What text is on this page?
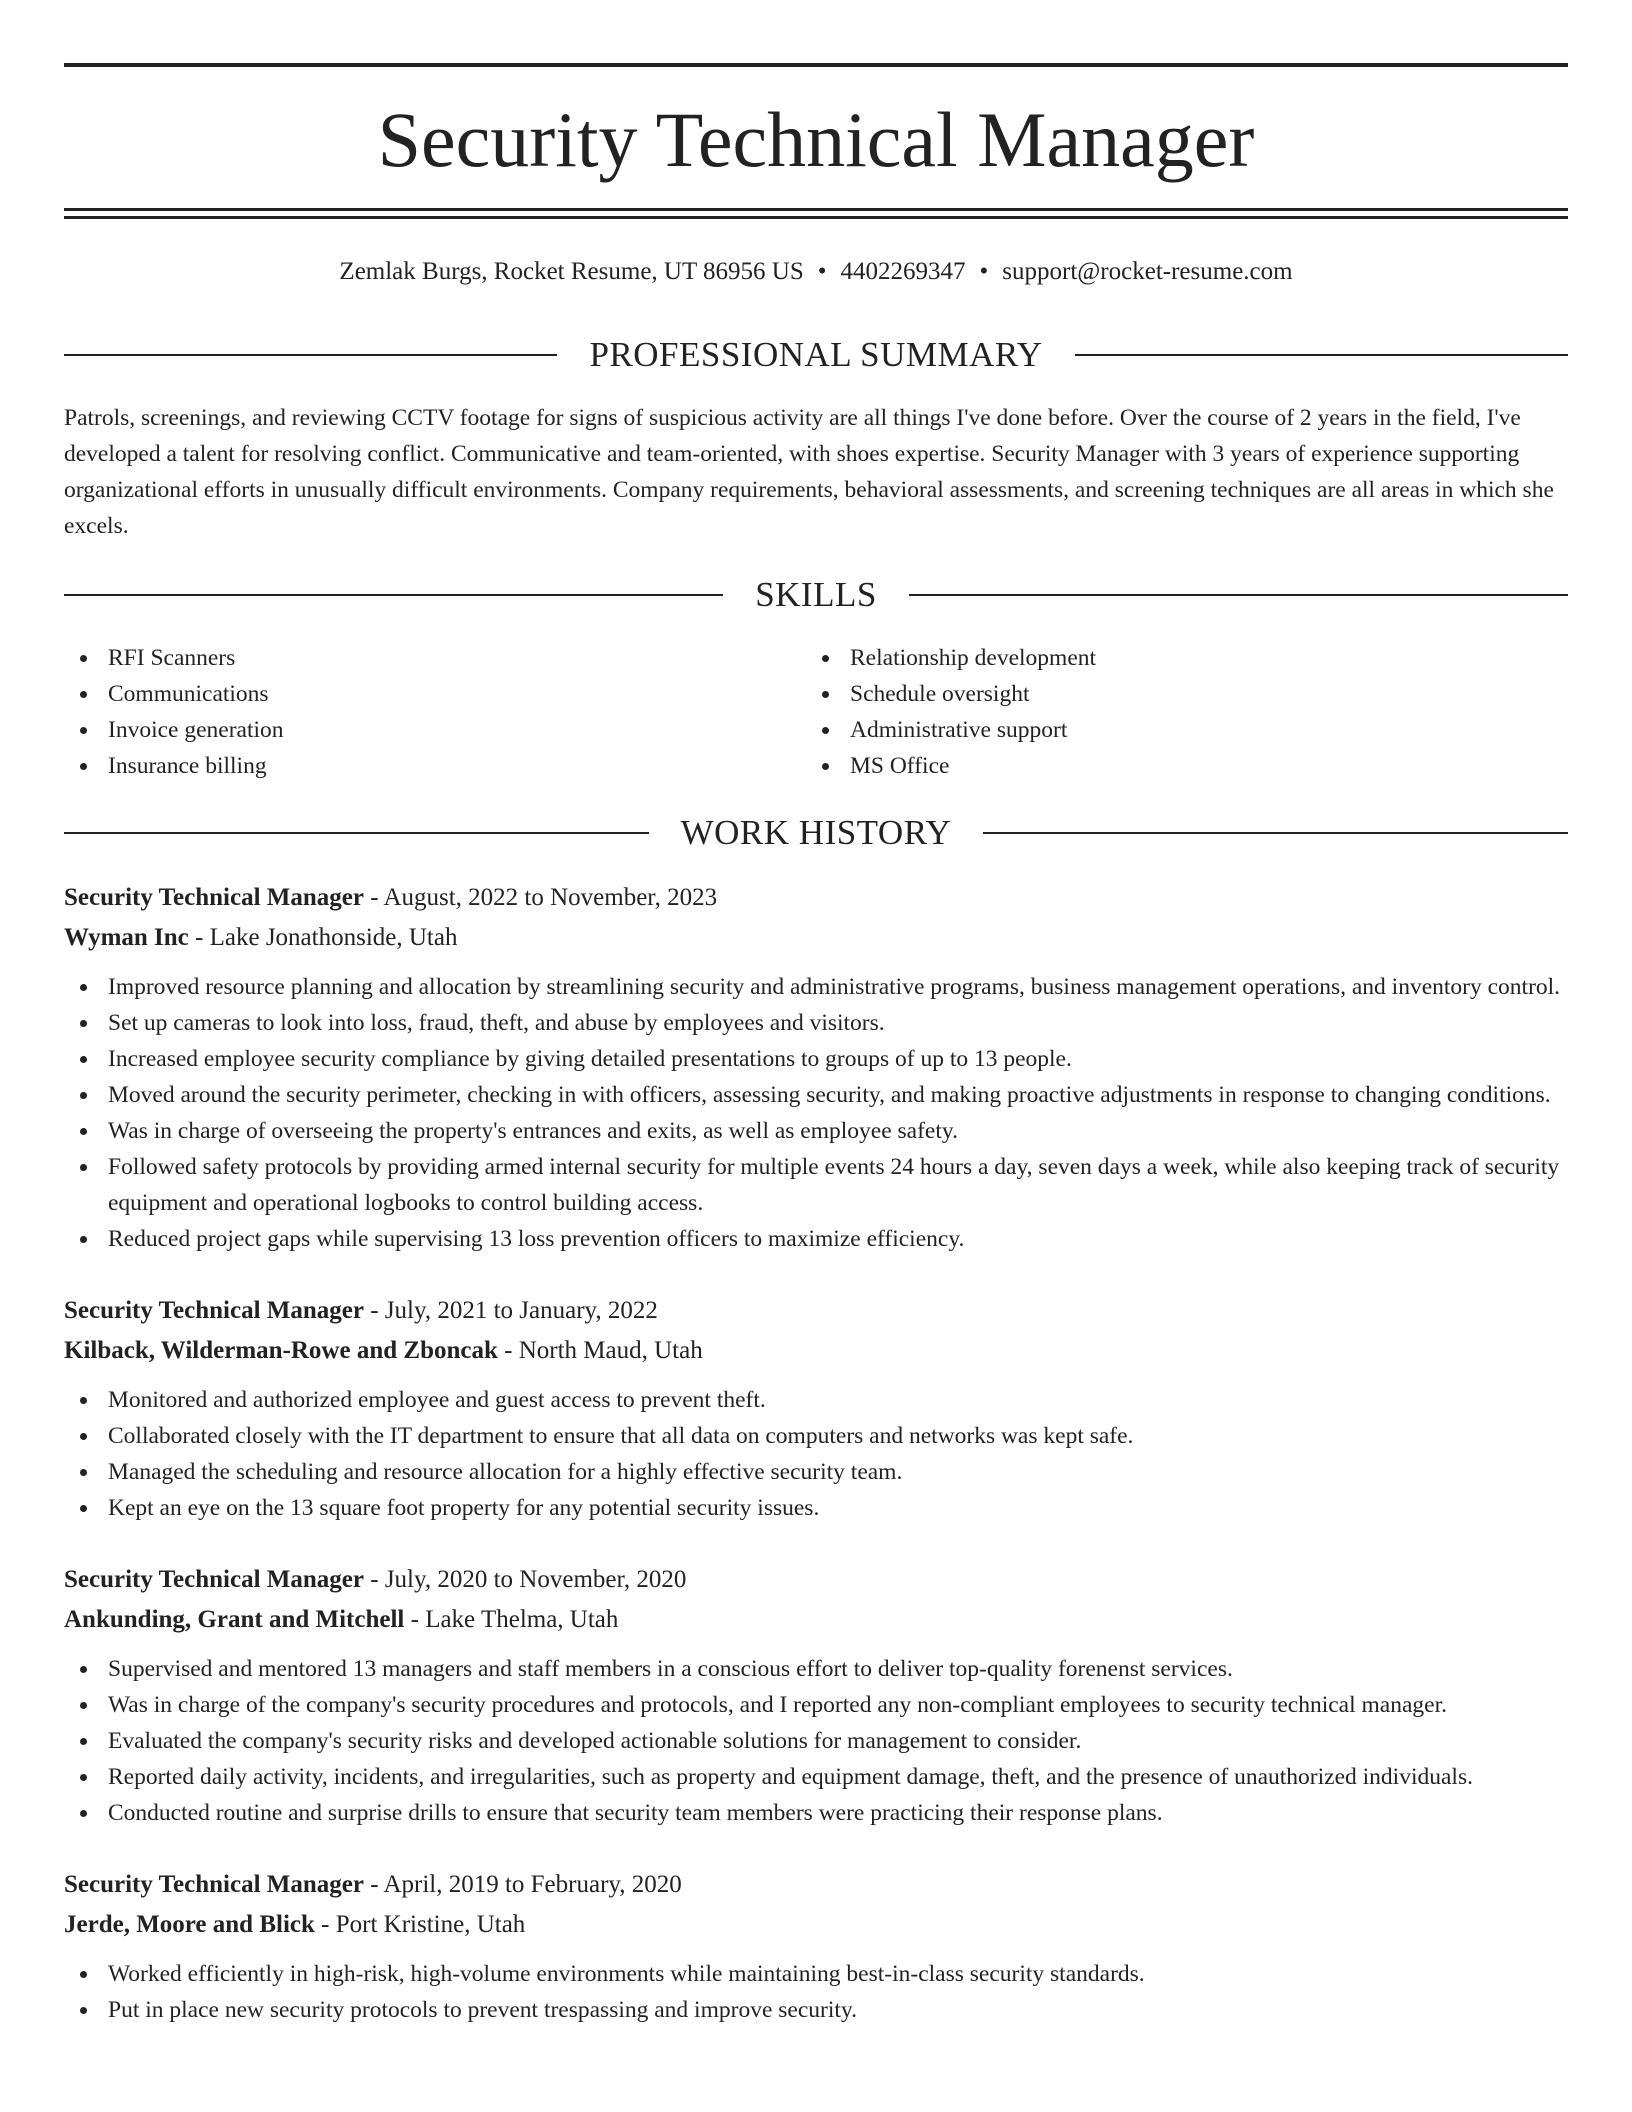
Security Technical Manager
Zemlak Burgs, Rocket Resume, UT 86956 US • 4402269347 • support@rocket-resume.com
PROFESSIONAL SUMMARY

Patrols, screenings, and reviewing CCTV footage for signs of suspicious activity are all things I've done before. Over the course of 2 years in the field, I've developed a talent for resolving conflict. Communicative and team-oriented, with shoes expertise. Security Manager with 3 years of experience supporting organizational efforts in unusually difficult environments. Company requirements, behavioral assessments, and screening techniques are all areas in which she excels.

SKILLS
RFI Scanners
Communications
Invoice generation
Insurance billing
Relationship development
Schedule oversight
Administrative support
MS Office
WORK HISTORY
Security Technical Manager - August, 2022 to November, 2023
Wyman Inc - Lake Jonathonside, Utah
Improved resource planning and allocation by streamlining security and administrative programs, business management operations, and inventory control.
Set up cameras to look into loss, fraud, theft, and abuse by employees and visitors.
Increased employee security compliance by giving detailed presentations to groups of up to 13 people.
Moved around the security perimeter, checking in with officers, assessing security, and making proactive adjustments in response to changing conditions.
Was in charge of overseeing the property's entrances and exits, as well as employee safety.
Followed safety protocols by providing armed internal security for multiple events 24 hours a day, seven days a week, while also keeping track of security equipment and operational logbooks to control building access.
Reduced project gaps while supervising 13 loss prevention officers to maximize efficiency.
Security Technical Manager - July, 2021 to January, 2022
Kilback, Wilderman-Rowe and Zboncak - North Maud, Utah
Monitored and authorized employee and guest access to prevent theft.
Collaborated closely with the IT department to ensure that all data on computers and networks was kept safe.
Managed the scheduling and resource allocation for a highly effective security team.
Kept an eye on the 13 square foot property for any potential security issues.
Security Technical Manager - July, 2020 to November, 2020
Ankunding, Grant and Mitchell - Lake Thelma, Utah
Supervised and mentored 13 managers and staff members in a conscious effort to deliver top-quality forenenst services.
Was in charge of the company's security procedures and protocols, and I reported any non-compliant employees to security technical manager.
Evaluated the company's security risks and developed actionable solutions for management to consider.
Reported daily activity, incidents, and irregularities, such as property and equipment damage, theft, and the presence of unauthorized individuals.
Conducted routine and surprise drills to ensure that security team members were practicing their response plans.
Security Technical Manager - April, 2019 to February, 2020
Jerde, Moore and Blick - Port Kristine, Utah
Worked efficiently in high-risk, high-volume environments while maintaining best-in-class security standards.
Put in place new security protocols to prevent trespassing and improve security.
